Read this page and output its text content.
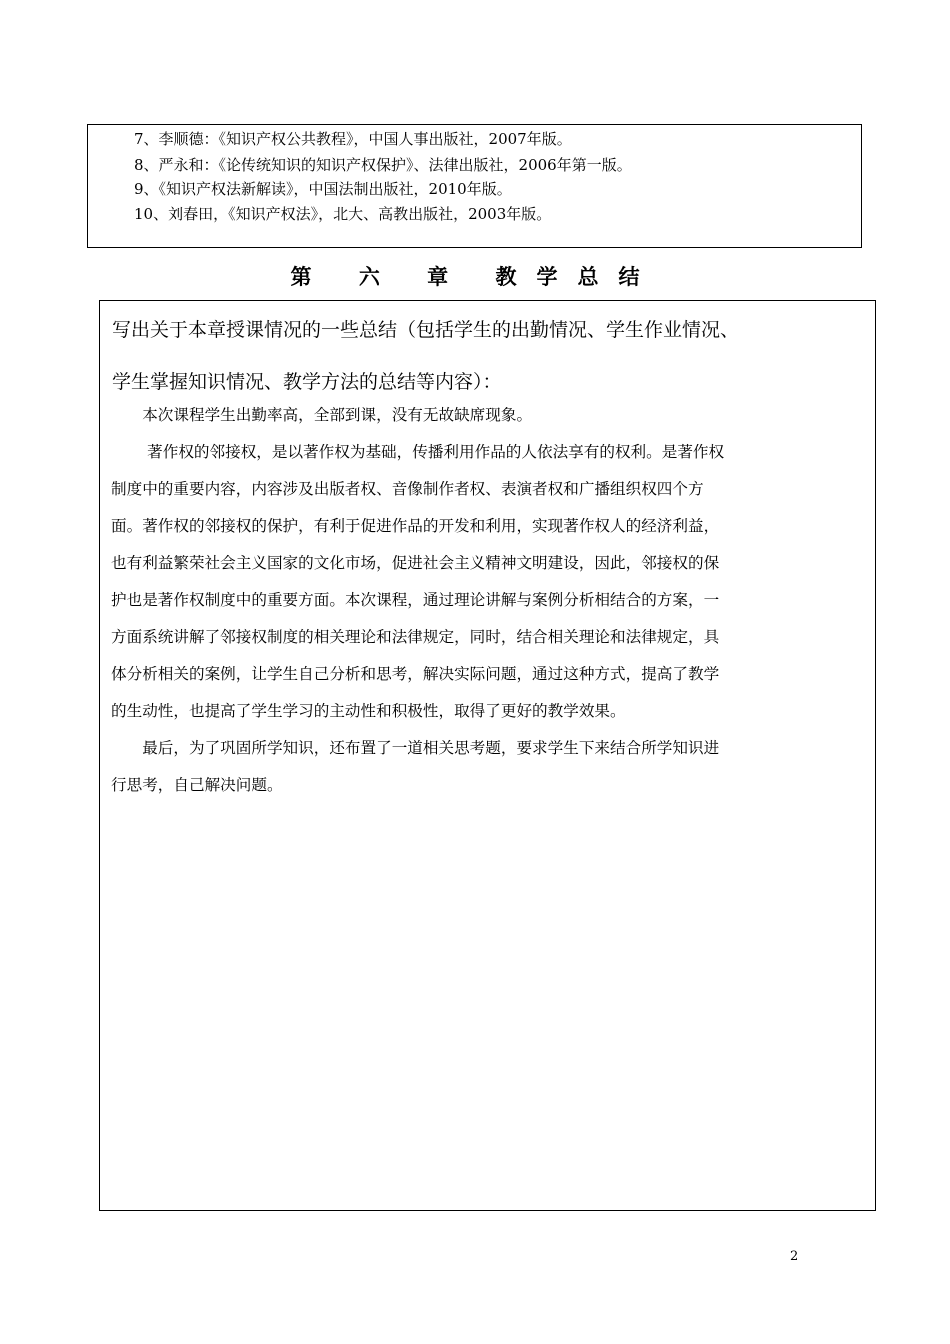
7、李顺德：《知识产权公共教程》，中国人事出版社，2007年版。
8、严永和：《论传统知识的知识产权保护》、法律出版社，2006年第一版。
9、《知识产权法新解读》，中国法制出版社，2010年版。
10、刘春田，《知识产权法》，北大、高教出版社，2003年版。
第 六 章 教学总结
写出关于本章授课情况的一些总结（包括学生的出勤情况、学生作业情况、
学生掌握知识情况、教学方法的总结等内容）：
　　本次课程学生出勤率高，全部到课，没有无故缺席现象。
　　 著作权的邻接权，是以著作权为基础，传播利用作品的人依法享有的权利。是著作权
制度中的重要内容，内容涉及出版者权、音像制作者权、表演者权和广播组织权四个方
面。著作权的邻接权的保护，有利于促进作品的开发和利用，实现著作权人的经济利益，
也有利益繁荣社会主义国家的文化市场，促进社会主义精神文明建设，因此，邻接权的保
护也是著作权制度中的重要方面。本次课程，通过理论讲解与案例分析相结合的方案，一
方面系统讲解了邻接权制度的相关理论和法律规定，同时，结合相关理论和法律规定，具
体分析相关的案例，让学生自己分析和思考，解决实际问题，通过这种方式，提高了教学
的生动性，也提高了学生学习的主动性和积极性，取得了更好的教学效果。
　　最后，为了巩固所学知识，还布置了一道相关思考题，要求学生下来结合所学知识进
行思考，自己解决问题。
2
